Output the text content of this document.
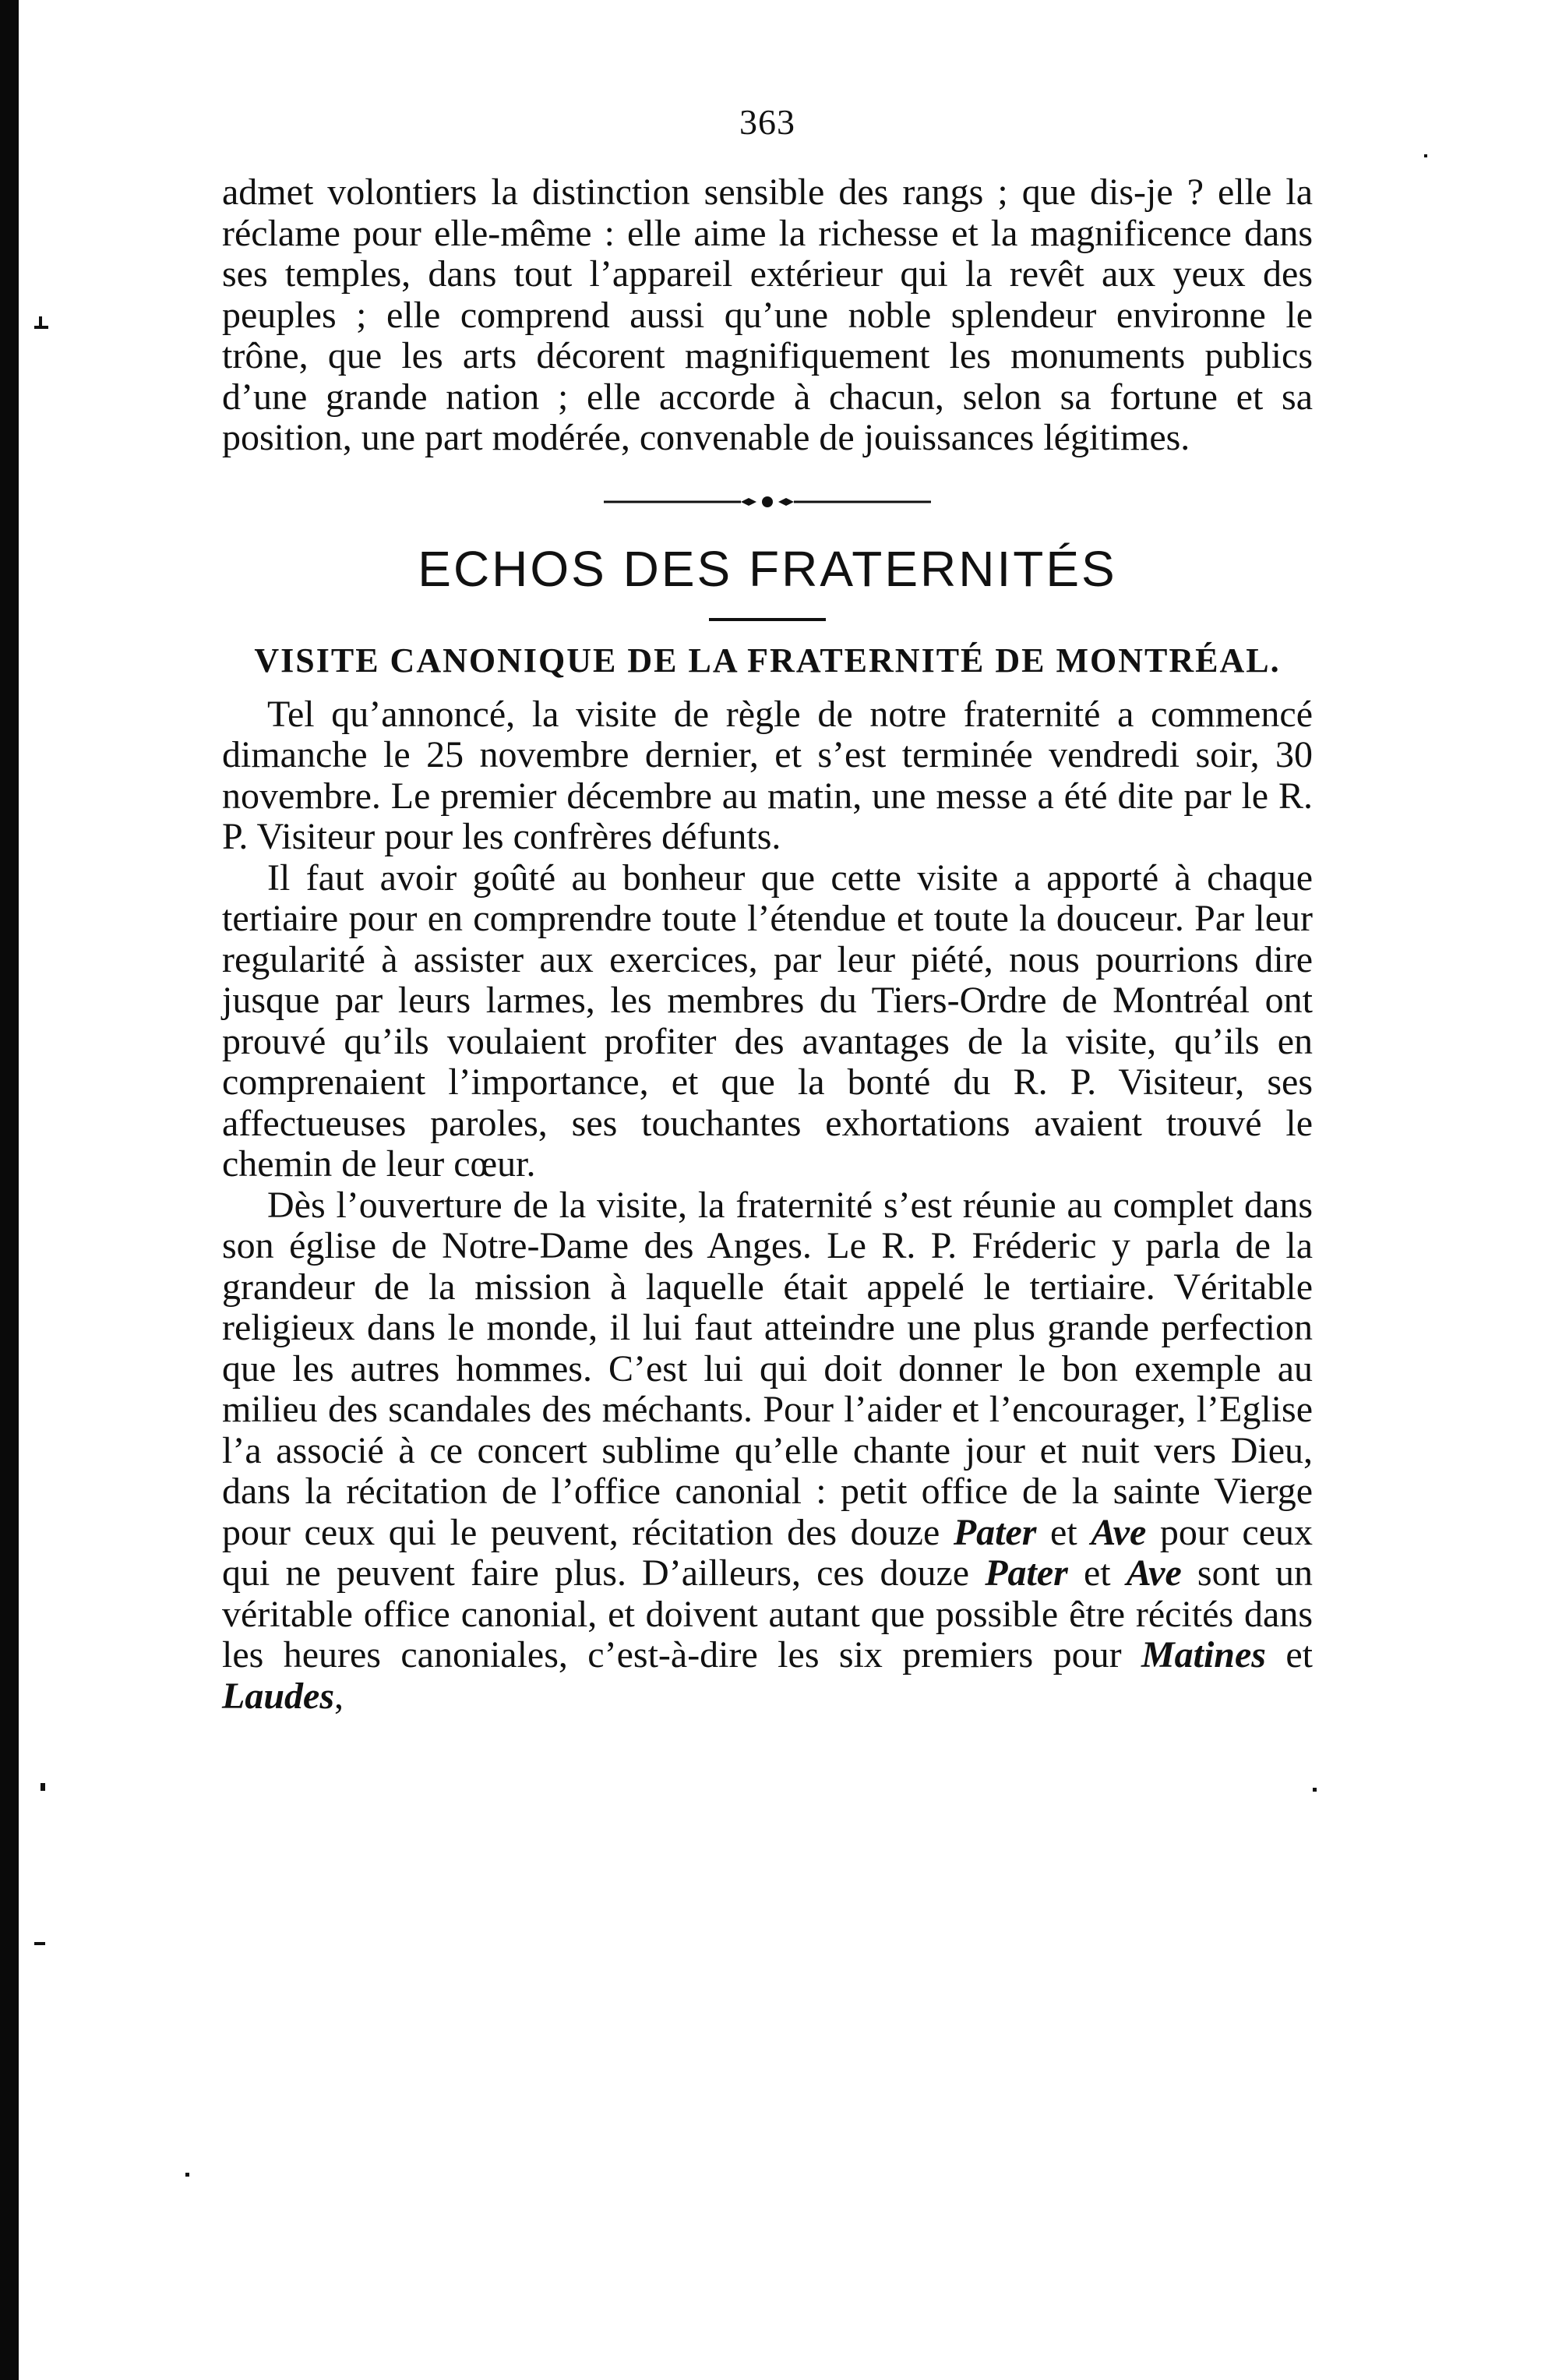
363

admet volontiers la distinction sensible des rangs ; que dis-je ? elle la réclame pour elle-même : elle aime la richesse et la magnificence dans ses temples, dans tout l’appareil extérieur qui la revêt aux yeux des peuples ; elle comprend aussi qu’une noble splendeur environne le trône, que les arts décorent magnifiquement les monuments publics d’une grande nation ; elle accorde à chacun, selon sa fortune et sa position, une part modérée, convenable de jouissances légitimes.

ECHOS DES FRATERNITÉS
VISITE CANONIQUE DE LA FRATERNITÉ DE MONTRÉAL.

Tel qu’annoncé, la visite de règle de notre fraternité a commencé dimanche le 25 novembre dernier, et s’est terminée vendredi soir, 30 novembre. Le premier décembre au matin, une messe a été dite par le R. P. Visiteur pour les confrères défunts.

Il faut avoir goûté au bonheur que cette visite a apporté à chaque tertiaire pour en comprendre toute l’étendue et toute la douceur. Par leur regularité à assister aux exercices, par leur piété, nous pourrions dire jusque par leurs larmes, les membres du Tiers-Ordre de Montréal ont prouvé qu’ils voulaient profiter des avantages de la visite, qu’ils en comprenaient l’importance, et que la bonté du R. P. Visiteur, ses affectueuses paroles, ses touchantes exhortations avaient trouvé le chemin de leur cœur.

Dès l’ouverture de la visite, la fraternité s’est réunie au complet dans son église de Notre-Dame des Anges. Le R. P. Fréderic y parla de la grandeur de la mission à laquelle était appelé le tertiaire. Véritable religieux dans le monde, il lui faut atteindre une plus grande perfection que les autres hommes. C’est lui qui doit donner le bon exemple au milieu des scandales des méchants. Pour l’aider et l’encourager, l’Eglise l’a associé à ce concert sublime qu’elle chante jour et nuit vers Dieu, dans la récitation de l’office canonial : petit office de la sainte Vierge pour ceux qui le peuvent, récitation des douze Pater et Ave pour ceux qui ne peuvent faire plus. D’ailleurs, ces douze Pater et Ave sont un véritable office canonial, et doivent autant que possible être récités dans les heures canoniales, c’est-à-dire les six premiers pour Matines et Laudes,
